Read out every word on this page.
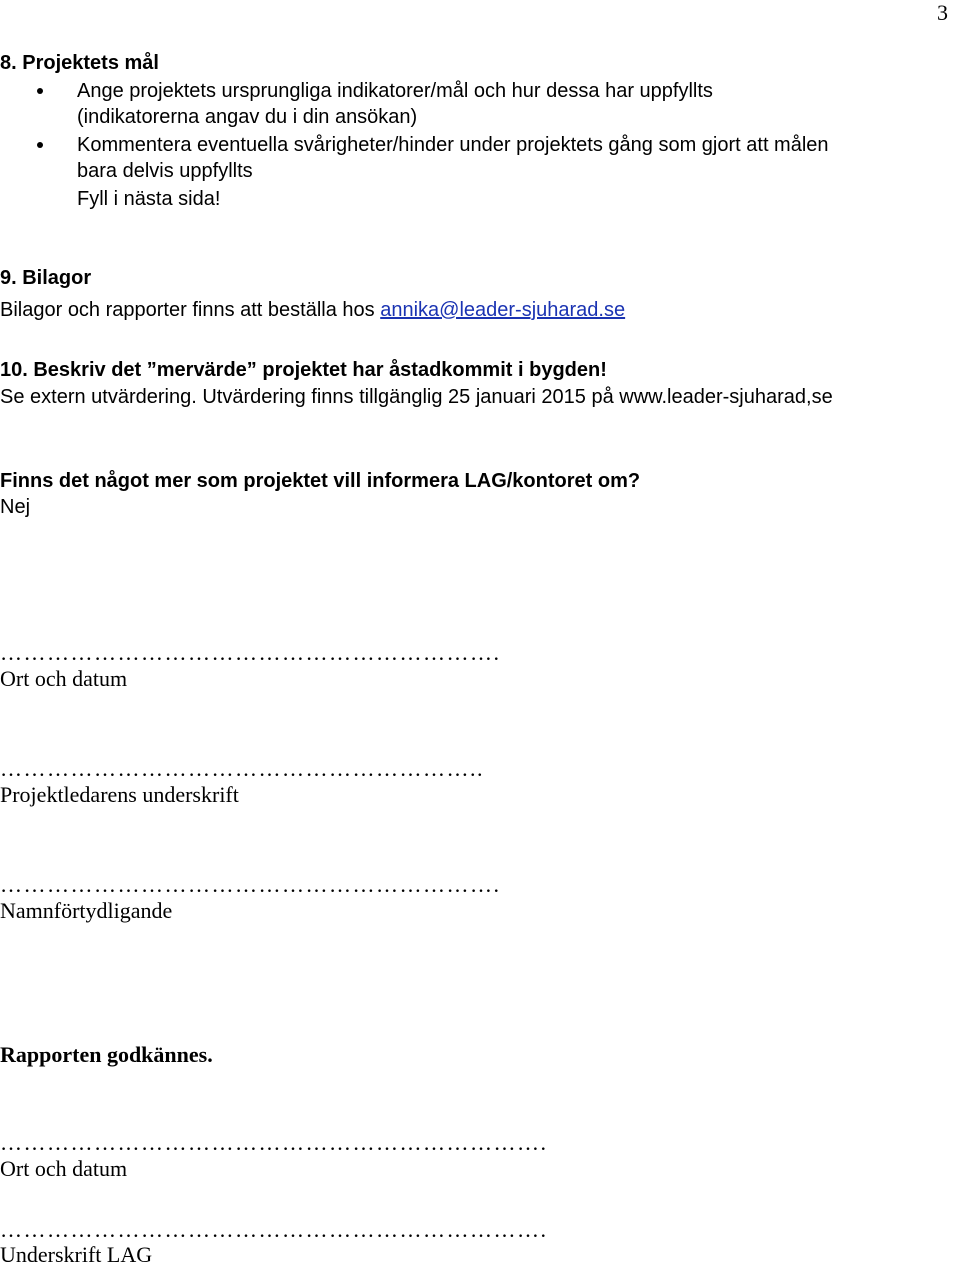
3
8. Projektets mål
Ange projektets ursprungliga indikatorer/mål och hur dessa har uppfyllts
(indikatorerna angav du i din ansökan)
Kommentera eventuella svårigheter/hinder under projektets gång som gjort att målen
bara delvis uppfyllts
Fyll i nästa sida!
9. Bilagor
Bilagor och rapporter finns att beställa hos annika@leader-sjuharad.se
10. Beskriv det ”mervärde” projektet har åstadkommit i bygden!
Se extern utvärdering. Utvärdering finns tillgänglig 25 januari 2015 på www.leader-sjuharad,se
Finns det något mer som projektet vill informera LAG/kontoret om?
Nej
……………………………………………………….
Ort och datum
……………………………………………………..
Projektledarens underskrift
……………………………………………………….
Namnförtydligande
Rapporten godkännes.
…………………………………………………………….
Ort och datum
…………………………………………………………….
Underskrift LAG
